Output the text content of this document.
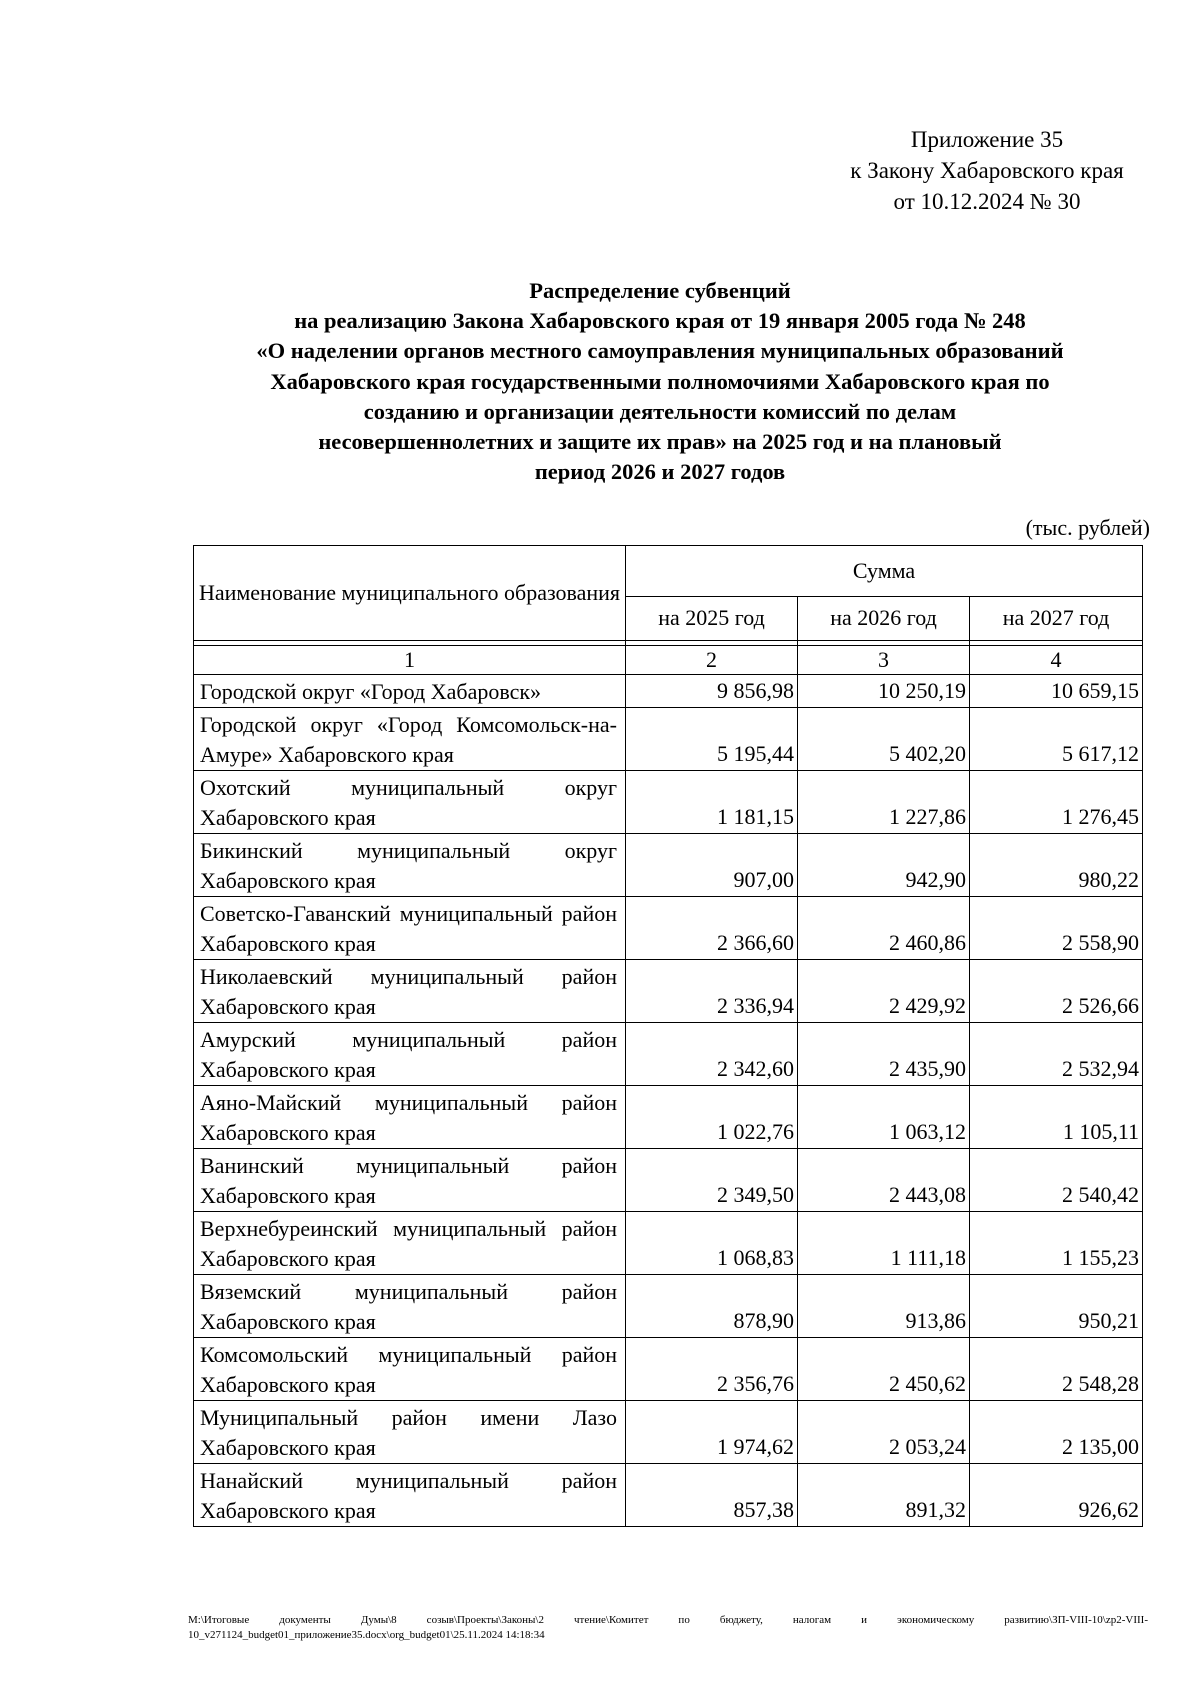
Приложение 35
к Закону Хабаровского края
от 10.12.2024 № 30
Распределение субвенций
на реализацию Закона Хабаровского края от 19 января 2005 года № 248
«О наделении органов местного самоуправления муниципальных образований
Хабаровского края государственными полномочиями Хабаровского края по
созданию и организации деятельности комиссий по делам
несовершеннолетних и защите их прав» на 2025 год и на плановый
период 2026 и 2027 годов
(тыс. рублей)
Наименование муниципального образования	Сумма		
	на 2025 год	на 2026 год	на 2027 год

1	2	3	4
Городской округ «Город Хабаровск»	9 856,98	10 250,19	10 659,15
Городской округ «Город Комсомольск-на-Амуре» Хабаровского края	5 195,44	5 402,20	5 617,12
Охотский муниципальный округ Хабаровского края	1 181,15	1 227,86	1 276,45
Бикинский муниципальный округ Хабаровского края	907,00	942,90	980,22
Советско-Гаванский муниципальный район Хабаровского края	2 366,60	2 460,86	2 558,90
Николаевский муниципальный район Хабаровского края	2 336,94	2 429,92	2 526,66
Амурский муниципальный район Хабаровского края	2 342,60	2 435,90	2 532,94
Аяно-Майский муниципальный район Хабаровского края	1 022,76	1 063,12	1 105,11
Ванинский муниципальный район Хабаровского края	2 349,50	2 443,08	2 540,42
Верхнебуреинский муниципальный район Хабаровского края	1 068,83	1 111,18	1 155,23
Вяземский муниципальный район Хабаровского края	878,90	913,86	950,21
Комсомольский муниципальный район Хабаровского края	2 356,76	2 450,62	2 548,28
Муниципальный район имени Лазо Хабаровского края	1 974,62	2 053,24	2 135,00
Нанайский муниципальный район Хабаровского края	857,38	891,32	926,62
M:\Итоговые документы Думы\8 созыв\Проекты\Законы\2 чтение\Комитет по бюджету, налогам и экономическому развитию\ЗП-VIII-10\zp2-VIII-10_v271124_budget01_приложение35.docx\org_budget01\25.11.2024 14:18:34
